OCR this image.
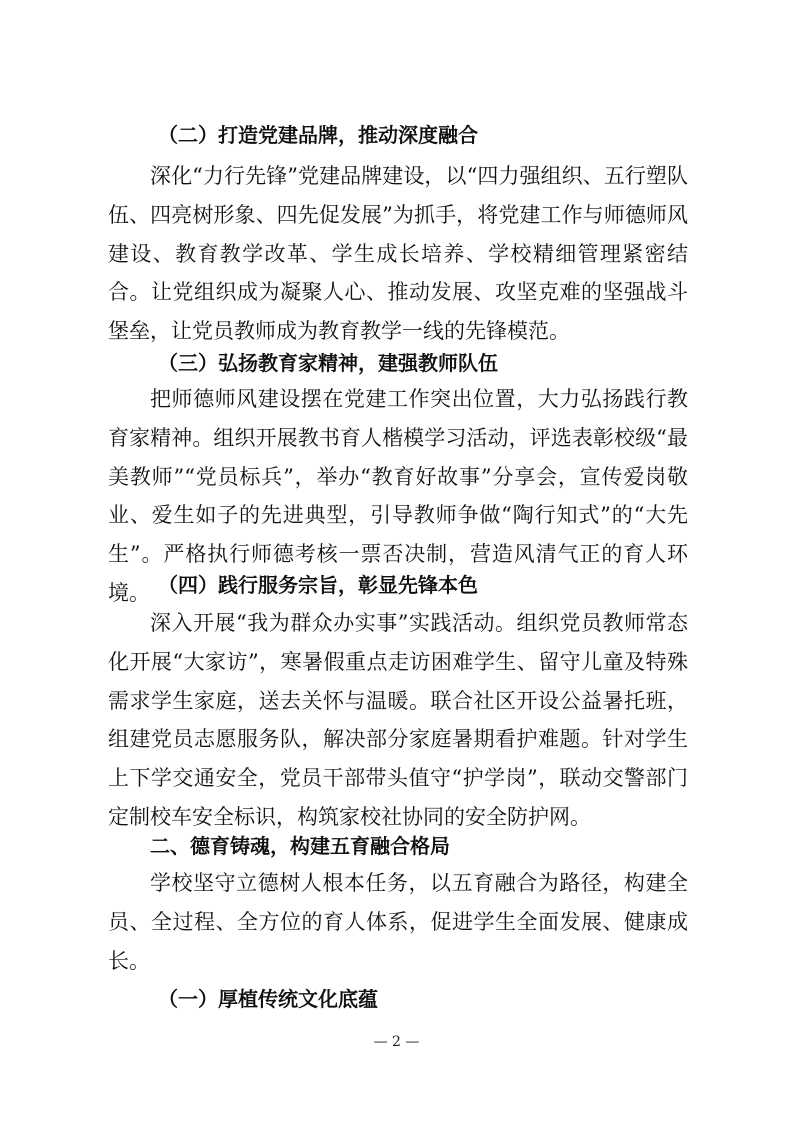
（二）打造党建品牌，推动深度融合

深化“力行先锋”党建品牌建设，以“四力强组织、五行塑队伍、四亮树形象、四先促发展”为抓手，将党建工作与师德师风建设、教育教学改革、学生成长培养、学校精细管理紧密结合。让党组织成为凝聚人心、推动发展、攻坚克难的坚强战斗堡垒，让党员教师成为教育教学一线的先锋模范。

（三）弘扬教育家精神，建强教师队伍

把师德师风建设摆在党建工作突出位置，大力弘扬践行教育家精神。组织开展教书育人楷模学习活动，评选表彰校级“最美教师”“党员标兵”，举办“教育好故事”分享会，宣传爱岗敬业、爱生如子的先进典型，引导教师争做“陶行知式”的“大先生”。严格执行师德考核一票否决制，营造风清气正的育人环境。 （四）践行服务宗旨，彰显先锋本色

深入开展“我为群众办实事”实践活动。组织党员教师常态化开展“大家访”，寒暑假重点走访困难学生、留守儿童及特殊需求学生家庭，送去关怀与温暖。联合社区开设公益暑托班，组建党员志愿服务队，解决部分家庭暑期看护难题。针对学生上下学交通安全，党员干部带头值守“护学岗”，联动交警部门定制校车安全标识，构筑家校社协同的安全防护网。

二、德育铸魂，构建五育融合格局

学校坚守立德树人根本任务，以五育融合为路径，构建全员、全过程、全方位的育人体系，促进学生全面发展、健康成长。

（一）厚植传统文化底蕴
— 2 —
